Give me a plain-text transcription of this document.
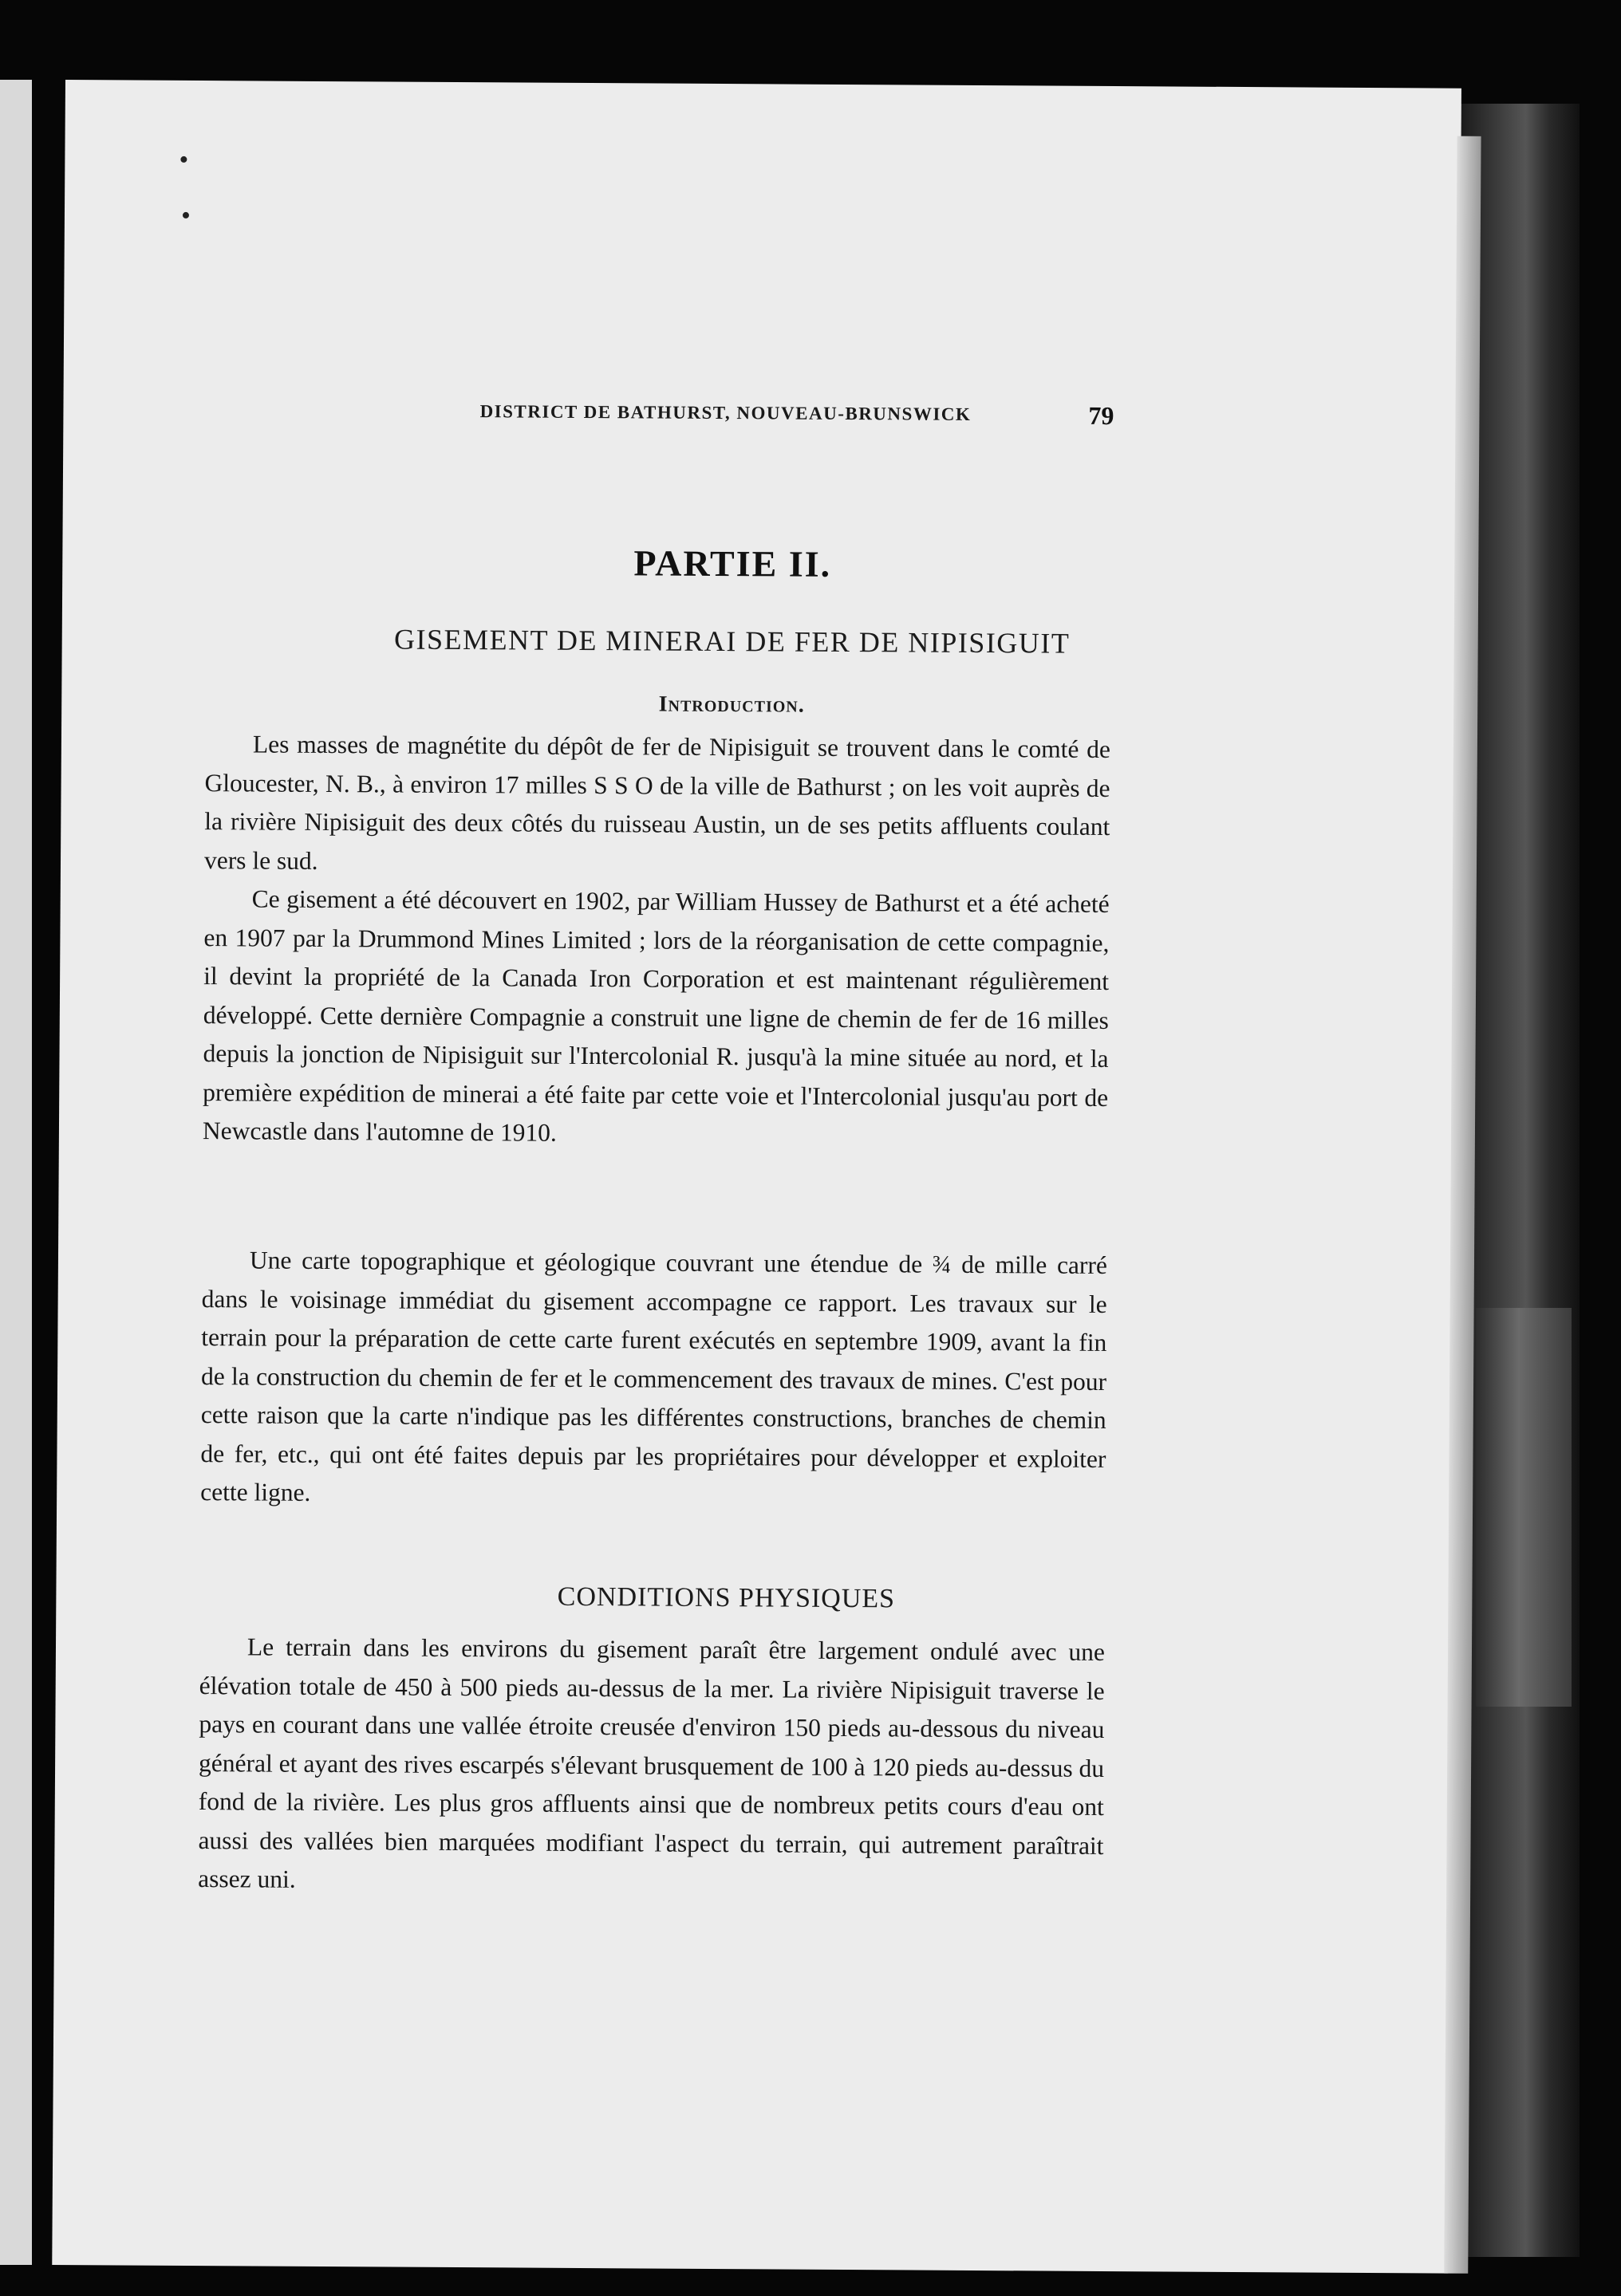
DISTRICT DE BATHURST, NOUVEAU-BRUNSWICK	79
PARTIE II.
GISEMENT DE MINERAI DE FER DE NIPISIGUIT
Introduction.

Les masses de magnétite du dépôt de fer de Nipisiguit se trouvent dans le comté de Gloucester, N. B., à environ 17 milles S S O de la ville de Bathurst ; on les voit auprès de la rivière Nipisiguit des deux côtés du ruisseau Austin, un de ses petits affluents coulant vers le sud.

Ce gisement a été découvert en 1902, par William Hussey de Bathurst et a été acheté en 1907 par la Drummond Mines Limited ; lors de la réorganisation de cette compagnie, il devint la propriété de la Canada Iron Corporation et est maintenant régulièrement développé. Cette dernière Compagnie a construit une ligne de chemin de fer de 16 milles depuis la jonction de Nipisiguit sur l'Intercolonial R. jusqu'à la mine située au nord, et la première expédition de minerai a été faite par cette voie et l'Intercolonial jusqu'au port de Newcastle dans l'automne de 1910.

Une carte topographique et géologique couvrant une étendue de ¾ de mille carré dans le voisinage immédiat du gisement accompagne ce rapport. Les travaux sur le terrain pour la préparation de cette carte furent exécutés en septembre 1909, avant la fin de la construction du chemin de fer et le commencement des travaux de mines. C'est pour cette raison que la carte n'indique pas les différentes constructions, branches de chemin de fer, etc., qui ont été faites depuis par les propriétaires pour développer et exploiter cette ligne.

CONDITIONS PHYSIQUES

Le terrain dans les environs du gisement paraît être largement ondulé avec une élévation totale de 450 à 500 pieds au-dessus de la mer. La rivière Nipisiguit traverse le pays en courant dans une vallée étroite creusée d'environ 150 pieds au-dessous du niveau général et ayant des rives escarpés s'élevant brusquement de 100 à 120 pieds au-dessus du fond de la rivière. Les plus gros affluents ainsi que de nombreux petits cours d'eau ont aussi des vallées bien marquées modifiant l'aspect du terrain, qui autrement paraîtrait assez uni.
